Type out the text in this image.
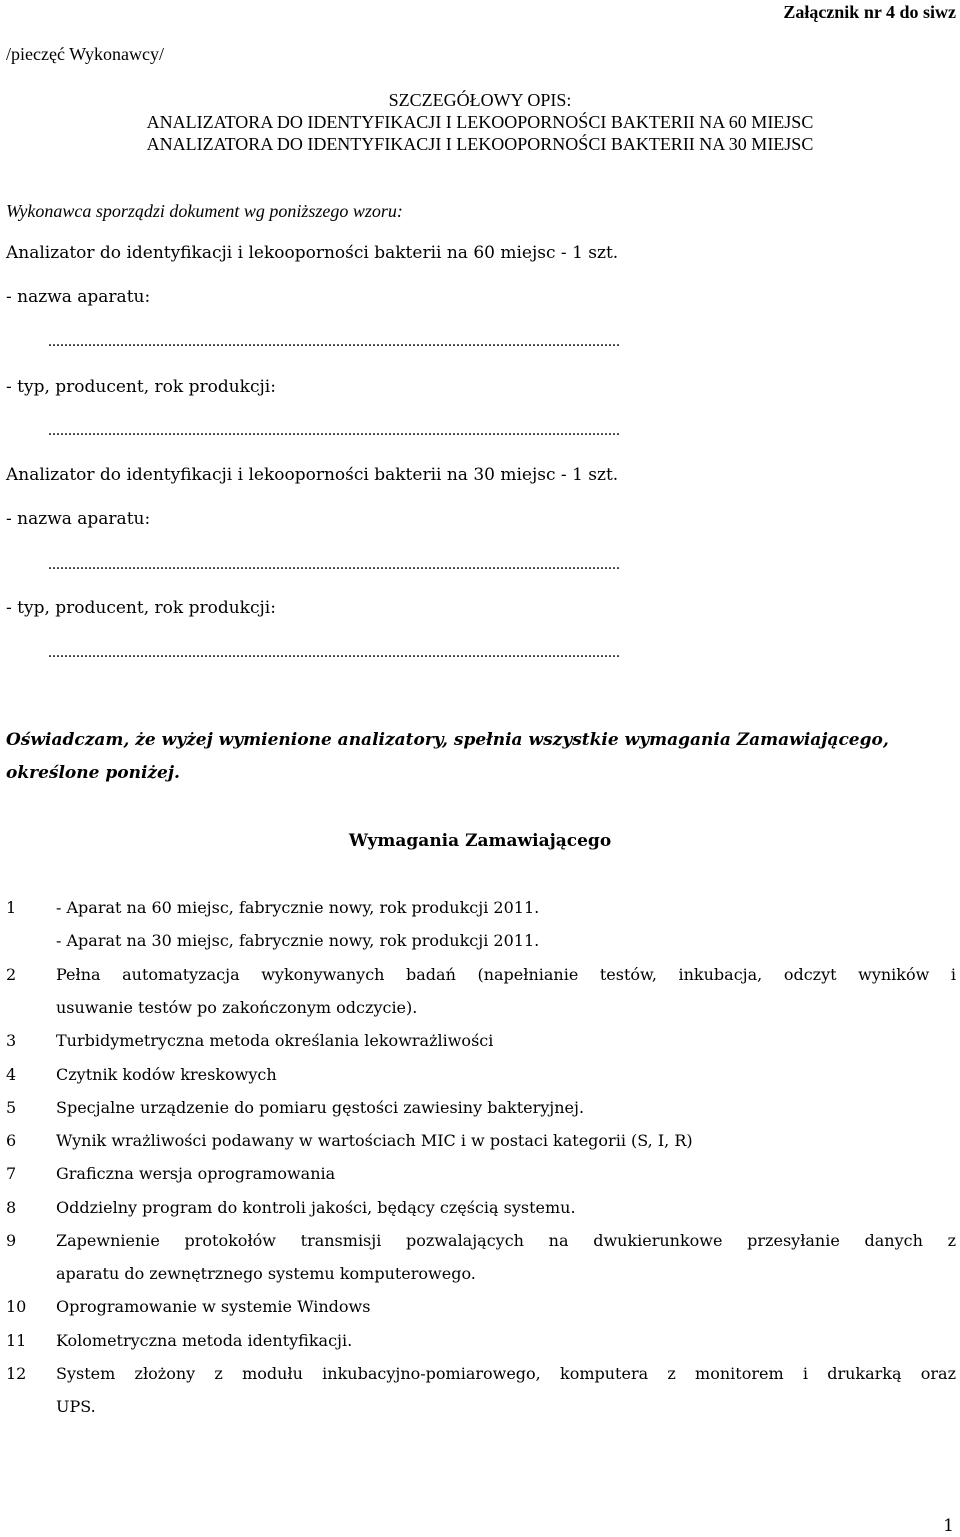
Załącznik nr 4 do siwz
/pieczęć Wykonawcy/
SZCZEGÓŁOWY OPIS:
ANALIZATORA DO IDENTYFIKACJI I LEKOOPORNOŚCI BAKTERII NA 60 MIEJSC
ANALIZATORA DO IDENTYFIKACJI I LEKOOPORNOŚCI BAKTERII NA 30 MIEJSC
Wykonawca sporządzi dokument wg poniższego wzoru:
Analizator do identyfikacji i lekooporności bakterii na 60 miejsc - 1 szt.
- nazwa aparatu:
...............................................................................................................................................
- typ, producent, rok produkcji:
...............................................................................................................................................
Analizator do identyfikacji i lekooporności bakterii na 30 miejsc - 1 szt.
- nazwa aparatu:
...............................................................................................................................................
- typ, producent, rok produkcji:
...............................................................................................................................................
Oświadczam, że wyżej wymienione analizatory, spełnia wszystkie wymagania Zamawiającego,
określone poniżej.
Wymagania Zamawiającego
1 - Aparat na 60 miejsc, fabrycznie nowy, rok produkcji 2011.
- Aparat na 30 miejsc, fabrycznie nowy, rok produkcji 2011.
2 Pełna automatyzacja wykonywanych badań (napełnianie testów, inkubacja, odczyt wyników i
usuwanie testów po zakończonym odczycie).
3 Turbidymetryczna metoda określania lekowrażliwości
4 Czytnik kodów kreskowych
5 Specjalne urządzenie do pomiaru gęstości zawiesiny bakteryjnej.
6 Wynik wrażliwości podawany w wartościach MIC i w postaci kategorii (S, I, R)
7 Graficzna wersja oprogramowania
8 Oddzielny program do kontroli jakości, będący częścią systemu.
9 Zapewnienie protokołów transmisji pozwalających na dwukierunkowe przesyłanie danych z
aparatu do zewnętrznego systemu komputerowego.
10 Oprogramowanie w systemie Windows
11 Kolometryczna metoda identyfikacji.
12 System złożony z modułu inkubacyjno-pomiarowego, komputera z monitorem i drukarką oraz
UPS.
1
